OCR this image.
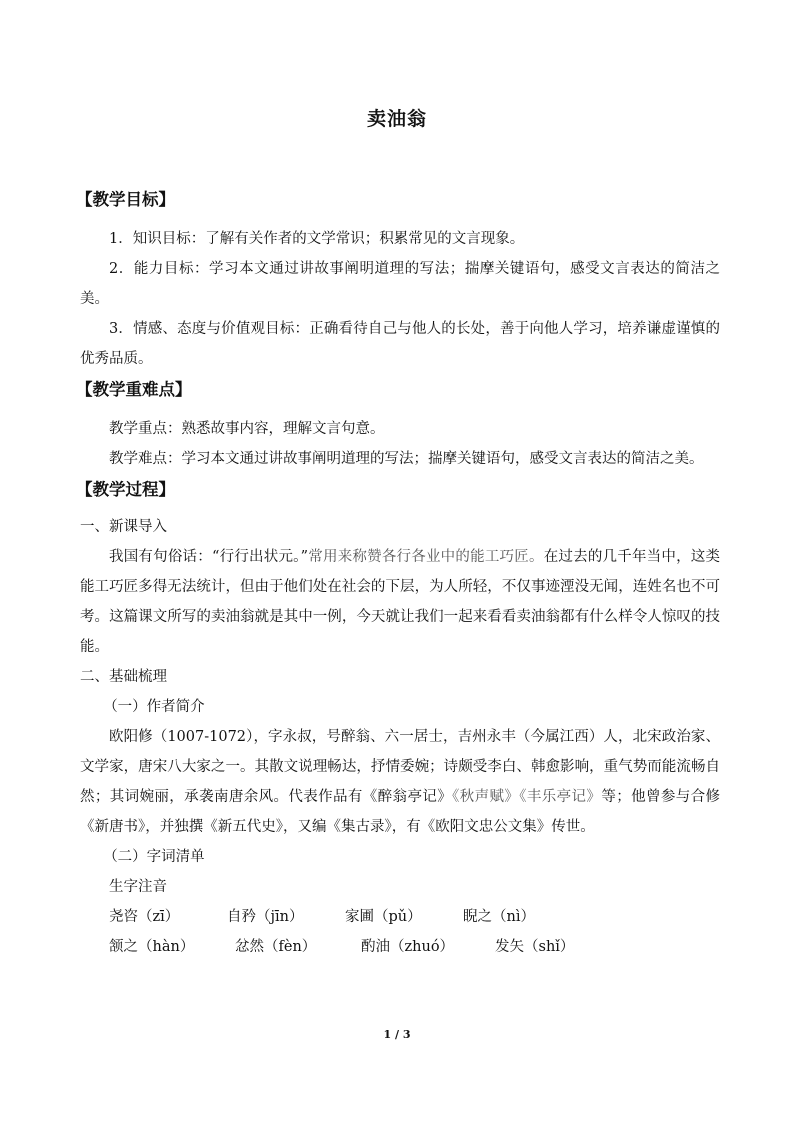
卖油翁
【教学目标】
1．知识目标：了解有关作者的文学常识；积累常见的文言现象。
2．能力目标：学习本文通过讲故事阐明道理的写法；揣摩关键语句，感受文言表达的简洁之美。
3．情感、态度与价值观目标：正确看待自己与他人的长处，善于向他人学习，培养谦虚谨慎的优秀品质。
【教学重难点】
教学重点：熟悉故事内容，理解文言句意。
教学难点：学习本文通过讲故事阐明道理的写法；揣摩关键语句，感受文言表达的简洁之美。
【教学过程】
一、新课导入
我国有句俗话：“行行出状元。”常用来称赞各行各业中的能工巧匠。在过去的几千年当中，这类能工巧匠多得无法统计，但由于他们处在社会的下层，为人所轻，不仅事迹湮没无闻，连姓名也不可考。这篇课文所写的卖油翁就是其中一例，今天就让我们一起来看看卖油翁都有什么样令人惊叹的技能。
二、基础梳理
（一）作者简介
欧阳修（1007-1072），字永叔，号醉翁、六一居士，吉州永丰（今属江西）人，北宋政治家、文学家，唐宋八大家之一。其散文说理畅达，抒情委婉；诗颇受李白、韩愈影响，重气势而能流畅自然；其词婉丽，承袭南唐余风。代表作品有《醉翁亭记》《秋声赋》《丰乐亭记》等；他曾参与合修《新唐书》，并独撰《新五代史》，又编《集古录》，有《欧阳文忠公文集》传世。
（二）字词清单
生字注音
尧咨（zī）	自矜（jīn）	家圃（pǔ）	睨之（nì）
颔之（hàn）	忿然（fèn）	酌油（zhuó）	发矢（shǐ）
1 / 3
